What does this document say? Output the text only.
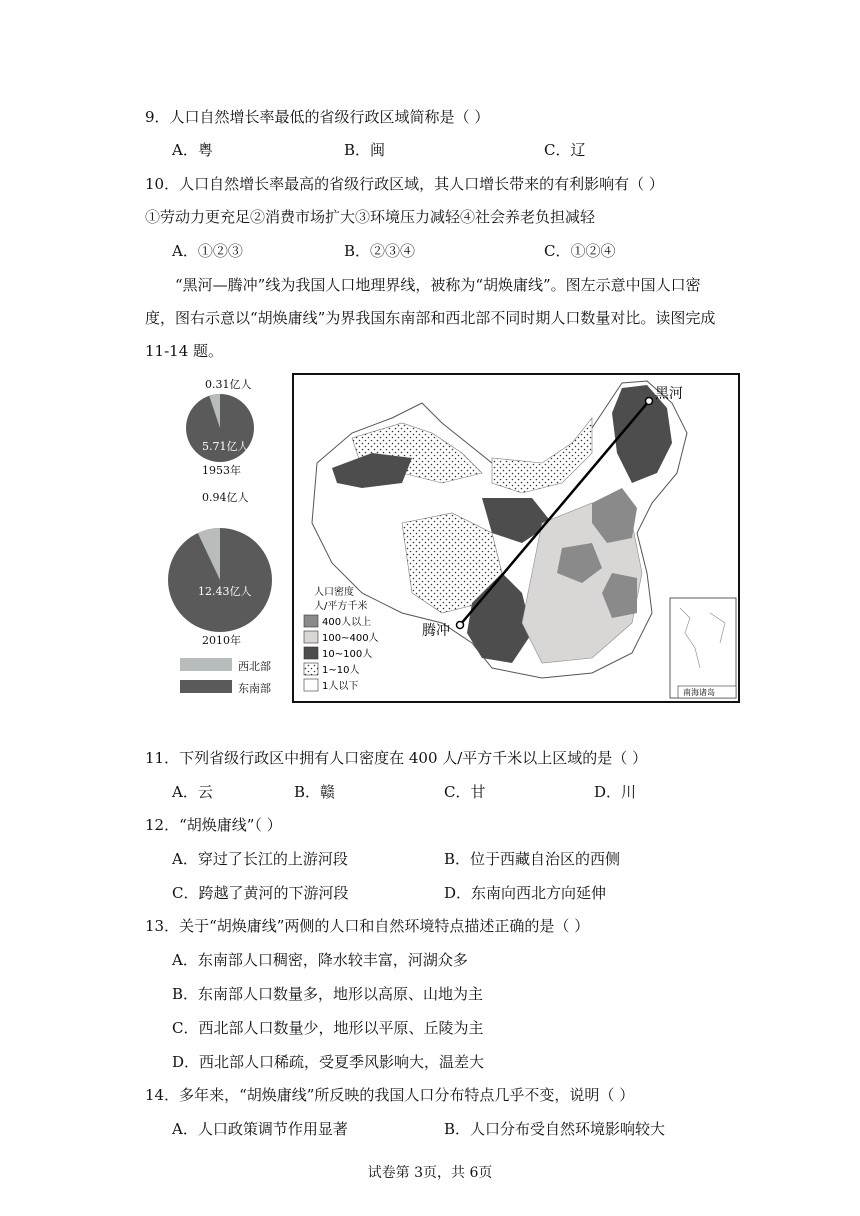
9．人口自然增长率最低的省级行政区域简称是（ ）
A．粤	B．闽	C．辽
10．人口自然增长率最高的省级行政区域，其人口增长带来的有利影响有（ ）
①劳动力更充足②消费市场扩大③环境压力减轻④社会养老负担减轻
A．①②③	B．②③④	C．①②④
“黑河—腾冲”线为我国人口地理界线，被称为“胡焕庸线”。图左示意中国人口密度，图右示意以“胡焕庸线”为界我国东南部和西北部不同时期人口数量对比。读图完成 11-14 题。
0.31亿人
5.71亿人
1953年
0.94亿人
12.43亿人
2010年
西北部
东南部
黑河
腾冲
人口密度
人/平方千米
400人以上
100~400人
10~100人
1~10人
1人以下
南海诸岛
11．下列省级行政区中拥有人口密度在 400 人/平方千米以上区域的是（ ）
A．云	B．赣	C．甘	D．川
12．“胡焕庸线”（ ）
A．穿过了长江的上游河段	B．位于西藏自治区的西侧
C．跨越了黄河的下游河段	D．东南向西北方向延伸
13．关于“胡焕庸线”两侧的人口和自然环境特点描述正确的是（ ）
A．东南部人口稠密，降水较丰富，河湖众多
B．东南部人口数量多，地形以高原、山地为主
C．西北部人口数量少，地形以平原、丘陵为主
D．西北部人口稀疏，受夏季风影响大，温差大
14．多年来，“胡焕庸线”所反映的我国人口分布特点几乎不变，说明（ ）
A．人口政策调节作用显著	B．人口分布受自然环境影响较大
试卷第 3页，共 6页
